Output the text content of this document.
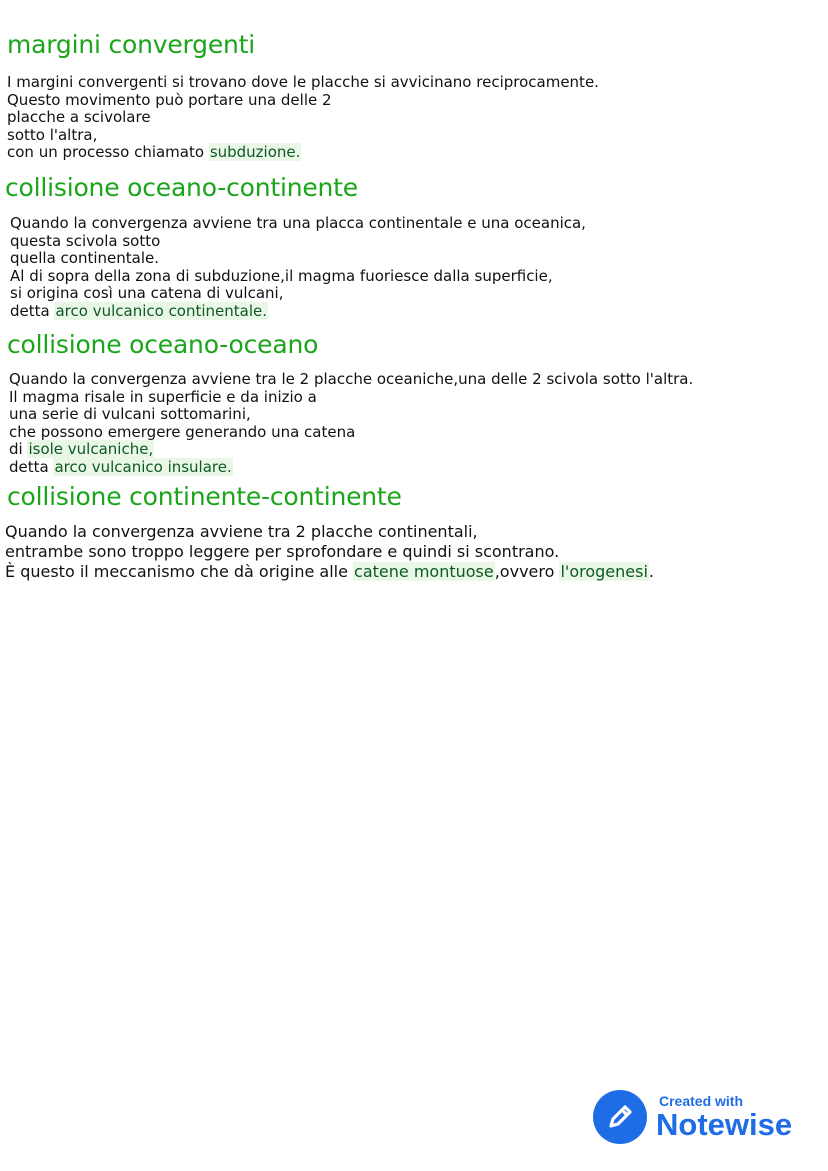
margini convergenti
I margini convergenti si trovano dove le placche si avvicinano reciprocamente.
Questo movimento può portare una delle 2
placche a scivolare
sotto l'altra,
con un processo chiamato subduzione.
collisione oceano-continente
Quando la convergenza avviene tra una placca continentale e una oceanica,
questa scivola sotto
quella continentale.
Al di sopra della zona di subduzione,il magma fuoriesce dalla superficie,
si origina così una catena di vulcani,
detta arco vulcanico continentale.
collisione oceano-oceano
Quando la convergenza avviene tra le 2 placche oceaniche,una delle 2 scivola sotto l'altra.
Il magma risale in superficie e da inizio a
una serie di vulcani sottomarini,
che possono emergere generando una catena
di isole vulcaniche,
detta arco vulcanico insulare.
collisione continente-continente
Quando la convergenza avviene tra 2 placche continentali,
entrambe sono troppo leggere per sprofondare e quindi si scontrano.
È questo il meccanismo che dà origine alle catene montuose,ovvero l'orogenesi.
Created with
Notewise
